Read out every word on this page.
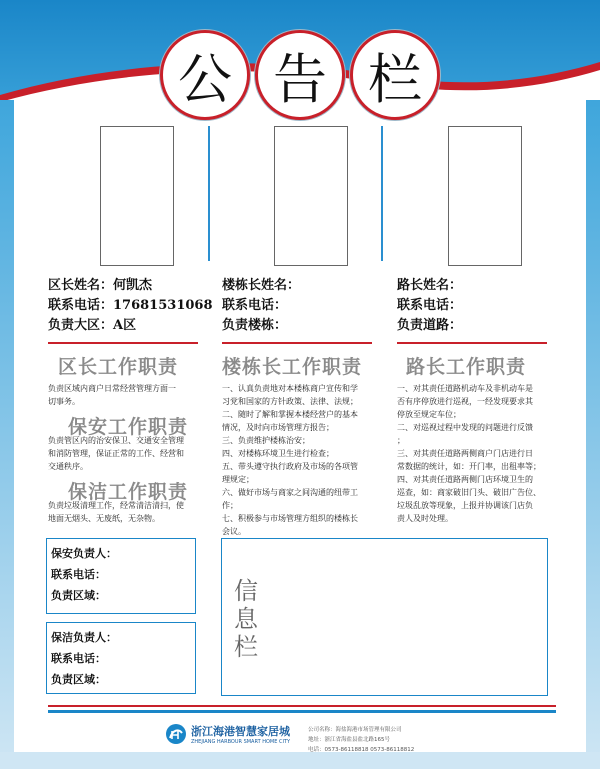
公 告 栏
区长姓名：何凯杰
联系电话：17681531068
负责大区：A区
楼栋长姓名：
联系电话：
负责楼栋：
路长姓名：
联系电话：
负责道路：
区长工作职责
负责区域内商户日常经营管理方面一
切事务。
保安工作职责
负责管区内的治安保卫、交通安全管理
和消防管理，保证正常的工作、经营和
交通秩序。
保洁工作职责
负责垃圾清理工作，经常清洁清扫，使
地面无烟头、无废纸，无杂物。
楼栋长工作职责
一、认真负责地对本楼栋商户宣传和学
习党和国家的方针政策、法律、法规；
二、随时了解和掌握本楼经营户的基本
情况，及时向市场管理方报告；
三、负责维护楼栋治安；
四、对楼栋环境卫生进行检查；
五、带头遵守执行政府及市场的各项管
理规定；
六、做好市场与商家之间沟通的纽带工
作；
七、积极参与市场管理方组织的楼栋长
会议。
路长工作职责
一、对其责任道路机动车及非机动车是
否有序停放进行巡视，一经发现要求其
停放至规定车位；
二、对巡视过程中发现的问题进行反馈
；
三、对其责任道路两侧商户门店进行日
常数据的统计，如：开门率，出租率等；
四、对其责任道路两侧门店环境卫生的
巡查，如：商家破旧门头、破旧广告位、
垃圾乱放等现象，上报并协调该门店负
责人及时处理。
保安负责人：
联系电话：
负责区域：
保洁负责人：
联系电话：
负责区域：
信
息
栏
浙江海港智慧家居城
ZHEJIANG HARBOUR SMART HOME CITY
公司名称：海盐海港市场管理有限公司
地址：浙江省海盐县盐北路165号
电话：0573-86118818 0573-86118812
